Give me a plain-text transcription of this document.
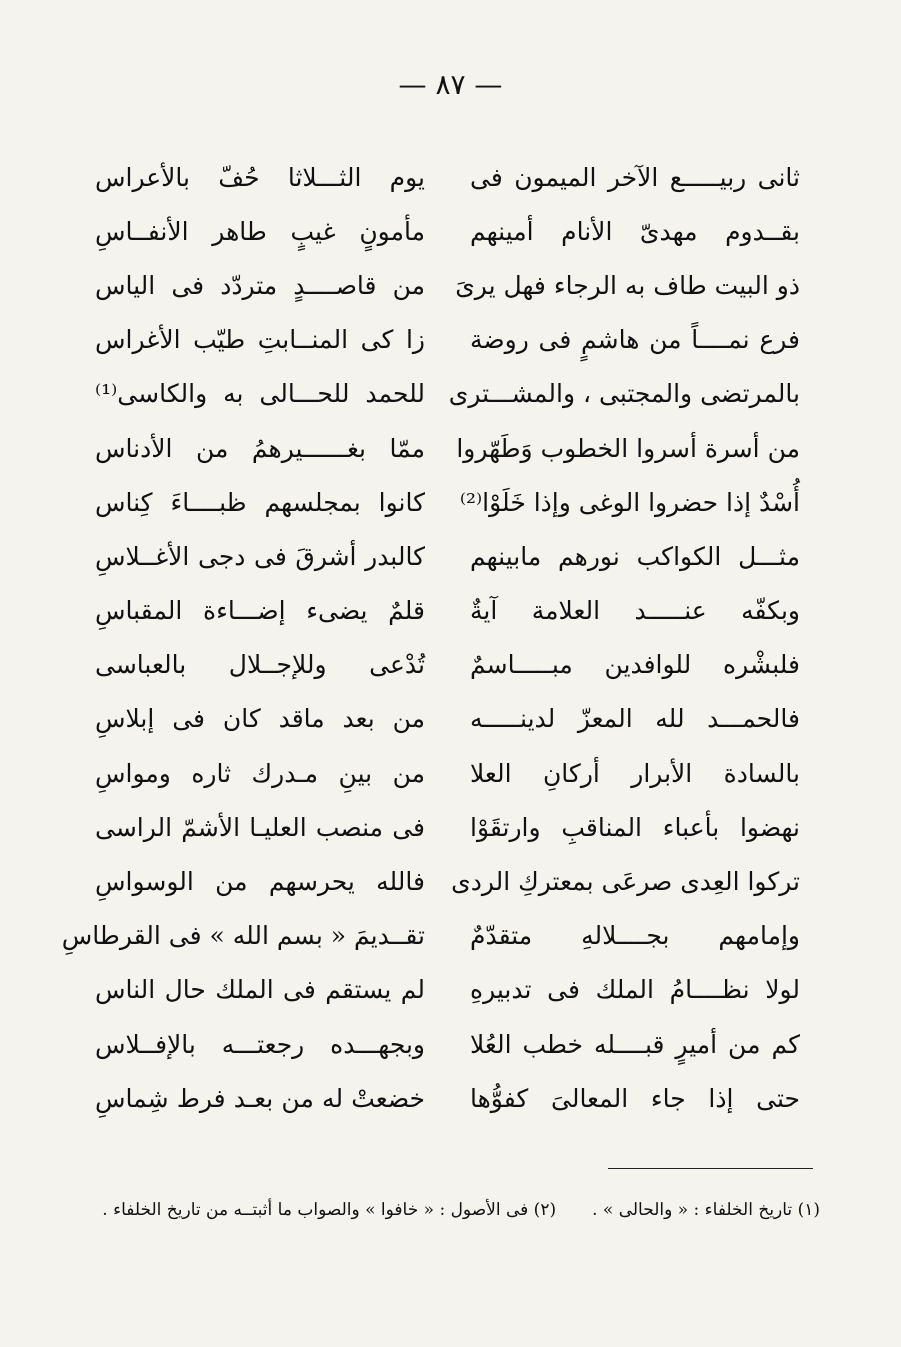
— ٨٧ —
ثانى ربيـــــع الآخر الميمون فى
يوم الثـــلاثا حُفّ بالأعراس
بقــدوم مهدىّ الأنام أمينهم
مأمونٍ غيبٍ طاهر الأنفــاسِ
ذو البيت طاف به الرجاء فهل يرىَ
من قاصــــدٍ متردّد فى الياس
فرع نمــــاً من هاشمٍ فى روضة
زا كى المنــابتِ طيّب الأغراس
بالمرتضى والمجتبى ، والمشـــترى
للحمد للحـــالى به والكاسى⁽¹⁾
من أسرة أسروا الخطوب وَطَهّروا
ممّا بغــــــيرهمُ من الأدناس
أُسْدٌ إذا حضروا الوغى وإذا خَلَوْا⁽²⁾
كانوا بمجلسهم ظبــــاءَ كِناس
مثـــل الكواكب نورهم مابينهم
كالبدر أشرقَ فى دجى الأغــلاسِ
وبكفّه عنـــــد العلامة آيةٌ
قلمٌ يضىء إضـــاءة المقباسِ
فلبشْره للوافدين مبـــــاسمٌ
تُدْعى وللإجــلال بالعباسى
فالحمـــد لله المعزّ لدينـــــه
من بعد ماقد كان فى إبلاسِ
بالسادة الأبرار أركانِ العلا
من بينِ مـدرك ثاره ومواسِ
نهضوا بأعباء المناقبِ وارتقَوْا
فى منصب العليـا الأشمّ الراسى
تركوا العِدى صرعَى بمعتركِ الردى
فالله يحرسهم من الوسواسِ
وإمامهم بجــــلالهِ متقدّمٌ
تقــديمَ « بسم الله » فى القرطاسِ
لولا نظــــامُ الملك فى تدبيرهِ
لم يستقم فى الملك حال الناس
كم من أميرٍ قبــــله خطب العُلا
وبجهـــده رجعتـــه بالإفــلاس
حتى إذا جاء المعالىَ كفوُّها
خضعتْ له من بعـد فرط شِماسِ
(١) تاريخ الخلفاء : « والحالى » .(٢) فى الأصول : « خافوا » والصواب ما أثبتــه من تاريخ الخلفاء .
